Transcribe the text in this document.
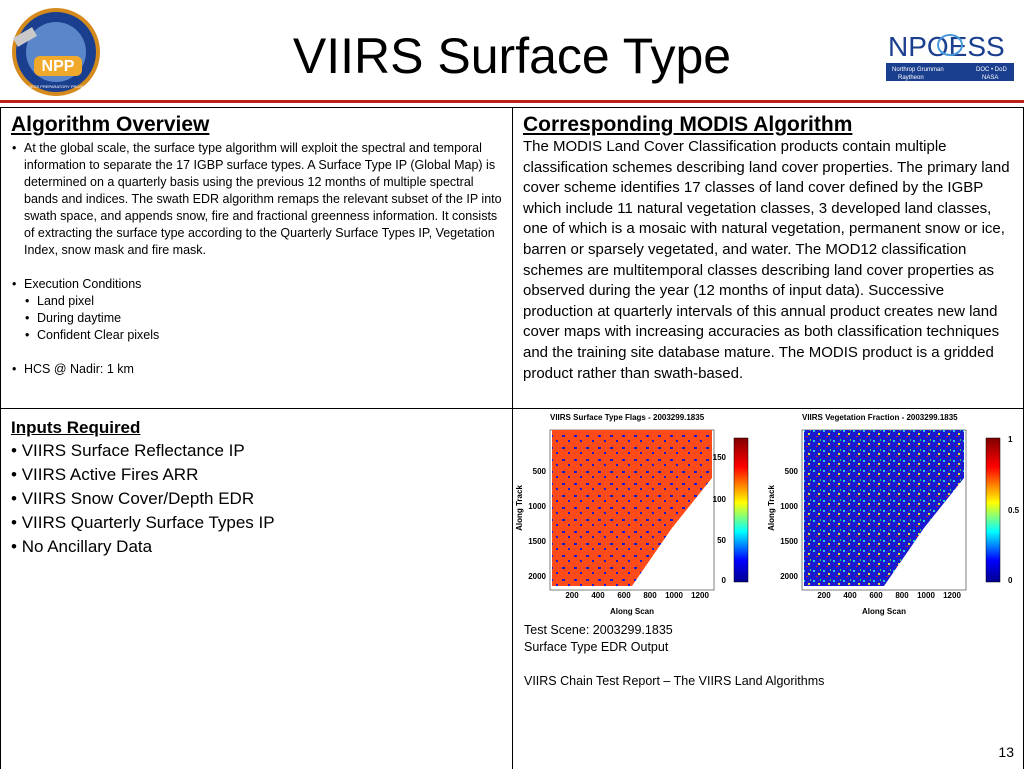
NPP
NPOESS PREPARATORY PROJECT
NPOESS
Northrop Grumman	DOC • DoD
Raytheon	NASA
VIIRS Surface Type
Algorithm Overview
• At the global scale, the surface type algorithm will exploit the spectral and temporal information to separate the 17 IGBP surface types. A Surface Type IP (Global Map) is determined on a quarterly basis using the previous 12 months of multiple spectral bands and indices. The swath EDR algorithm remaps the relevant subset of the IP into swath space, and appends snow, fire and fractional greenness information. It consists of extracting the surface type according to the Quarterly Surface Types IP, Vegetation Index, snow mask and fire mask.
• Execution Conditions
• Land pixel
• During daytime
• Confident Clear pixels
• HCS @ Nadir: 1 km
Corresponding MODIS Algorithm
The MODIS Land Cover Classification products contain multiple classification schemes describing land cover properties. The primary land cover scheme identifies 17 classes of land cover defined by the IGBP which include 11 natural vegetation classes, 3 developed land classes, one of which is a mosaic with natural vegetation, permanent snow or ice, barren or sparsely vegetated, and water. The MOD12 classification schemes are multitemporal classes describing land cover properties as observed during the year (12 months of input data). Successive production at quarterly intervals of this annual product creates new land cover maps with increasing accuracies as both classification techniques and the training site database mature. The MODIS product is a gridded product rather than swath-based.
Inputs Required
• VIIRS Surface Reflectance IP
• VIIRS Active Fires ARR
• VIIRS Snow Cover/Depth EDR
• VIIRS Quarterly Surface Types IP
• No Ancillary Data
VIIRS Surface Type Flags - 2003299.1835	VIIRS Vegetation Fraction - 2003299.1835
Along Track	Along Track
500
1000
1500
2000
500
1000
1500
2000
200 400 600 800 1000 1200	200 400 600 800 1000 1200
Along Scan	Along Scan
150
100
50
0
1
0.5
0
Test Scene: 2003299.1835
Surface Type EDR Output
VIIRS Chain Test Report – The VIIRS Land Algorithms
13
